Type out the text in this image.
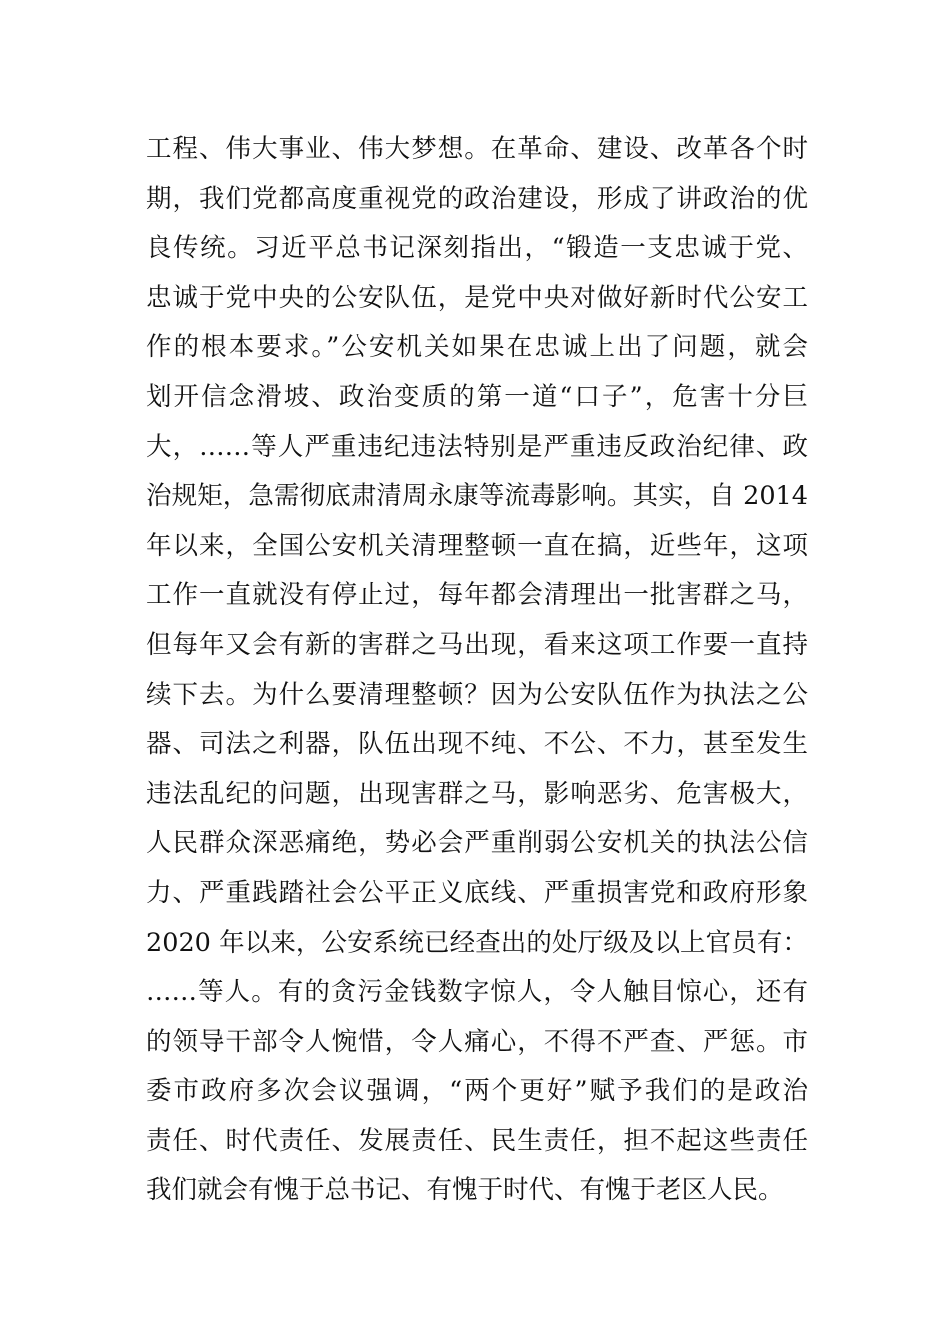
工程、伟大事业、伟大梦想。在革命、建设、改革各个时
期，我们党都高度重视党的政治建设，形成了讲政治的优
良传统。习近平总书记深刻指出，“锻造一支忠诚于党、
忠诚于党中央的公安队伍，是党中央对做好新时代公安工
作的根本要求。”公安机关如果在忠诚上出了问题，就会
划开信念滑坡、政治变质的第一道“口子”，危害十分巨
大，……等人严重违纪违法特别是严重违反政治纪律、政
治规矩，急需彻底肃清周永康等流毒影响。其实，自 2014
年以来，全国公安机关清理整顿一直在搞，近些年，这项
工作一直就没有停止过，每年都会清理出一批害群之马，
但每年又会有新的害群之马出现，看来这项工作要一直持
续下去。为什么要清理整顿？因为公安队伍作为执法之公
器、司法之利器，队伍出现不纯、不公、不力，甚至发生
违法乱纪的问题，出现害群之马，影响恶劣、危害极大，
人民群众深恶痛绝，势必会严重削弱公安机关的执法公信
力、严重践踏社会公平正义底线、严重损害党和政府形象
2020 年以来，公安系统已经查出的处厅级及以上官员有：
……等人。有的贪污金钱数字惊人，令人触目惊心，还有
的领导干部令人惋惜，令人痛心，不得不严查、严惩。市
委市政府多次会议强调，“两个更好”赋予我们的是政治
责任、时代责任、发展责任、民生责任，担不起这些责任
我们就会有愧于总书记、有愧于时代、有愧于老区人民。
